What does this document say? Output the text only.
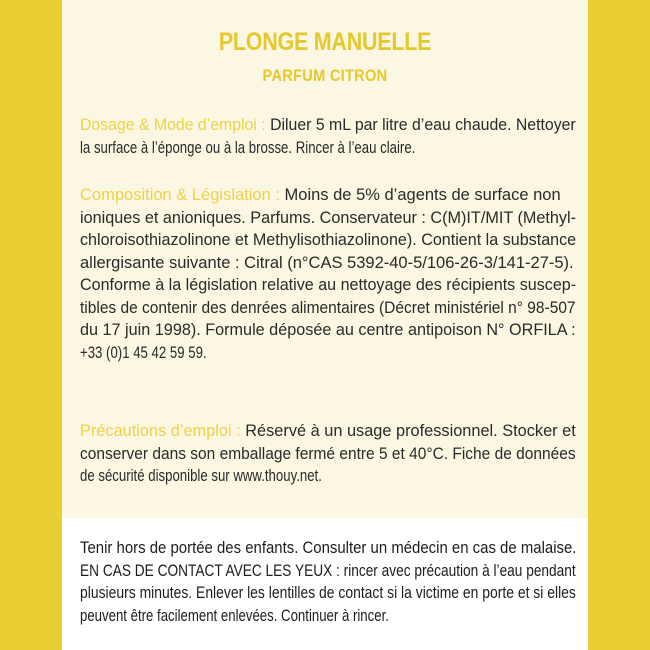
PLONGE MANUELLE
PARFUM CITRON
Dosage & Mode d’emploi : Diluer 5 mL par litre d’eau chaude. Nettoyer
la surface à l’éponge ou à la brosse. Rincer à l’eau claire.
Composition & Législation : Moins de 5% d’agents de surface non
ioniques et anioniques. Parfums. Conservateur : C(M)IT/MIT (Methyl-
chloroisothiazolinone et Methylisothiazolinone). Contient la substance
allergisante suivante : Citral (n°CAS 5392-40-5/106-26-3/141-27-5).
Conforme à la législation relative au nettoyage des récipients suscep-
tibles de contenir des denrées alimentaires (Décret ministériel n° 98-507
du 17 juin 1998). Formule déposée au centre antipoison N° ORFILA :
+33 (0)1 45 42 59 59.
Précautions d’emploi : Réservé à un usage professionnel. Stocker et
conserver dans son emballage fermé entre 5 et 40°C. Fiche de données
de sécurité disponible sur www.thouy.net.
Tenir hors de portée des enfants. Consulter un médecin en cas de malaise.
EN CAS DE CONTACT AVEC LES YEUX : rincer avec précaution à l’eau pendant
plusieurs minutes. Enlever les lentilles de contact si la victime en porte et si elles
peuvent être facilement enlevées. Continuer à rincer.
